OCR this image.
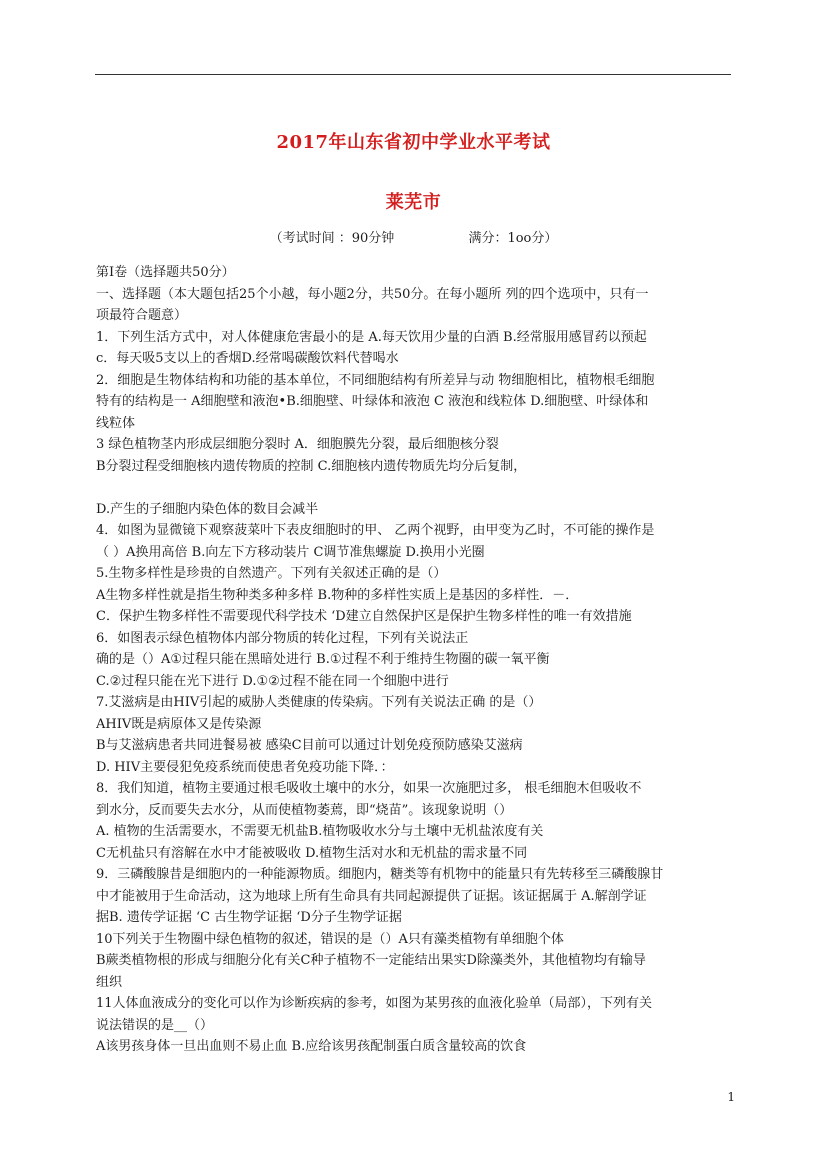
2017年山东省初中学业水平考试
莱芜市
（考试时间 ：90分钟	满分：1oo分）
第Ⅰ卷（选择题共50分）
一、选择题（本大题包括25个小越，每小题2分，共50分。在每小题所 列的四个选项中，只有一
项最符合题意）
1．下列生活方式中，对人体健康危害最小的是 A.每天饮用少量的白酒 B.经常服用感冒药以预起
c．每天吸5支以上的香烟D.经常喝碳酸饮料代替喝水
2．细胞是生物体结构和功能的基本单位，不同细胞结构有所差异与动 物细胞相比，植物根毛细胞
特有的结构是一 A细胞壁和液泡•B.细胞壁、叶绿体和液泡 C 液泡和线粒体 D.细胞壁、叶绿体和
线粒体
3 绿色植物茎内形成层细胞分裂时 A．细胞膜先分裂，最后细胞核分裂
B分裂过程受细胞核内遗传物质的控制 C.细胞核内遗传物质先均分后复制，
D.产生的子细胞内染色体的数目会减半
4．如图为显微镜下观察菠菜叶下表皮细胞时的甲、 乙两个视野，由甲变为乙时，不可能的操作是
（ ）A换用高倍 B.向左下方移动装片 C调节准焦螺旋 D.换用小光圈
5.生物多样性是珍贵的自然遗产。下列有关叙述正确的是（）
A生物多样性就是指生物种类多种多样 B.物种的多样性实质上是基因的多样性．－．
C．保护生物多样性不需要现代科学技术 ‘D建立自然保护区是保护生物多样性的唯一有效措施
6．如图表示绿色植物体内部分物质的转化过程，下列有关说法正
确的是（）A①过程只能在黑暗处进行 B.①过程不利于维持生物圈的碳一氧平衡
C.②过程只能在光下进行 D.①②过程不能在同一个细胞中进行
7.艾滋病是由HIV引起的威胁人类健康的传染病。下列有关说法正确 的是（）
AHIV既是病原体又是传染源
B与艾滋病患者共同进餐易被 感染C目前可以通过计划免疫预防感染艾滋病
D. HIV主要侵犯免疫系统而使患者免疫功能下降．：
8．我们知道，植物主要通过根毛吸收土壤中的水分，如果一次施肥过多， 根毛细胞木但吸收不
到水分，反而要失去水分，从而使植物萎蔫，即“烧苗”。该现象说明（）
A. 植物的生活需要水，不需要无机盐B.植物吸收水分与土壤中无机盐浓度有关
C无机盐只有溶解在水中才能被吸收 D.植物生活对水和无机盐的需求量不同
9．三磷酸腺昔是细胞内的一种能源物质。细胞内，糖类等有机物中的能量只有先转移至三磷酸腺甘
中才能被用于生命活动，这为地球上所有生命具有共同起源提供了证据。该证据属于 A.解剖学证
据B. 遗传学证据 ‘C 古生物学证据 ‘D分子生物学证据
10下列关于生物圈中绿色植物的叙述，错误的是（）A只有藻类植物有单细胞个体
B蕨类植物根的形成与细胞分化有关C种子植物不一定能结出果实D除藻类外，其他植物均有输导
组织
11人体血液成分的变化可以作为诊断疾病的参考，如图为某男孩的血液化验单（局部），下列有关
说法错误的是__（）
A该男孩身体一旦出血则不易止血 B.应给该男孩配制蛋白质含量较高的饮食
1
